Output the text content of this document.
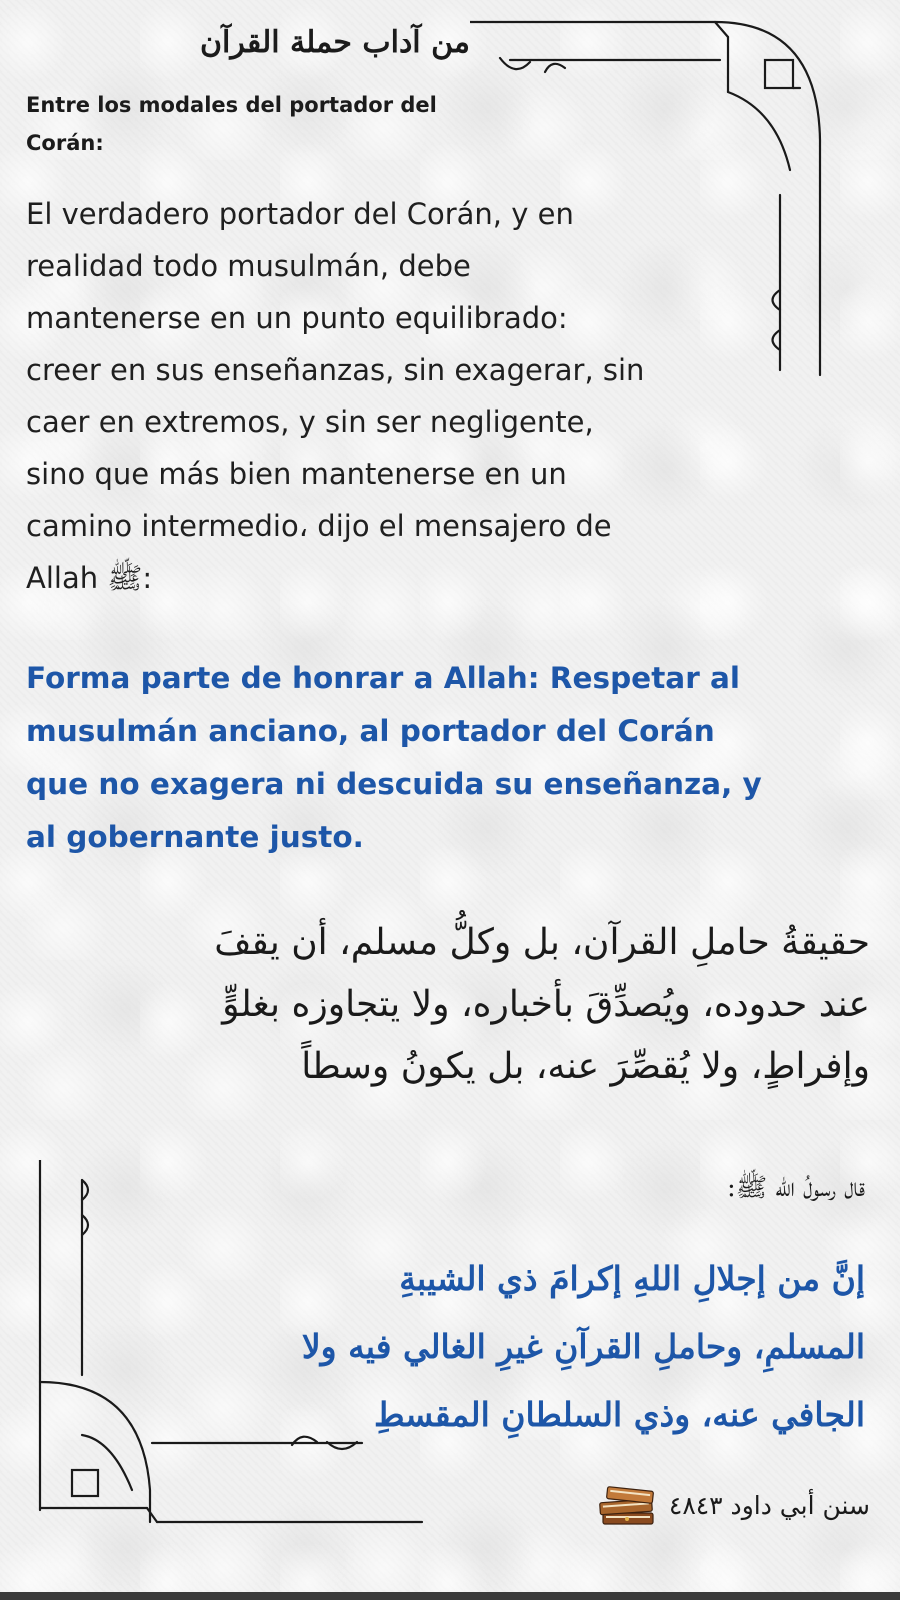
من آداب حملة القرآن
Entre los modales del portador del Corán:
El verdadero portador del Corán, y en
realidad todo musulmán, debe
mantenerse en un punto equilibrado:
creer en sus enseñanzas, sin exagerar, sin
caer en extremos, y sin ser negligente,
sino que más bien mantenerse en un
camino intermedio، dijo el mensajero de
Allah ﷺ:
Forma parte de honrar a Allah: Respetar al
musulmán anciano, al portador del Corán
que no exagera ni descuida su enseñanza, y
al gobernante justo.
حقيقةُ حاملِ القرآن، بل وكلُّ مسلم، أن يقفَ
عند حدوده، ويُصدِّقَ بأخباره، ولا يتجاوزه بغلوٍّ
وإفراطٍ، ولا يُقصِّرَ عنه، بل يكونُ وسطاً
قال رسولُ الله ﷺ:
إنَّ من إجلالِ اللهِ إكرامَ ذي الشيبةِ
المسلمِ، وحاملِ القرآنِ غيرِ الغالي فيه ولا
الجافي عنه، وذي السلطانِ المقسطِ
سنن أبي داود ٤٨٤٣
